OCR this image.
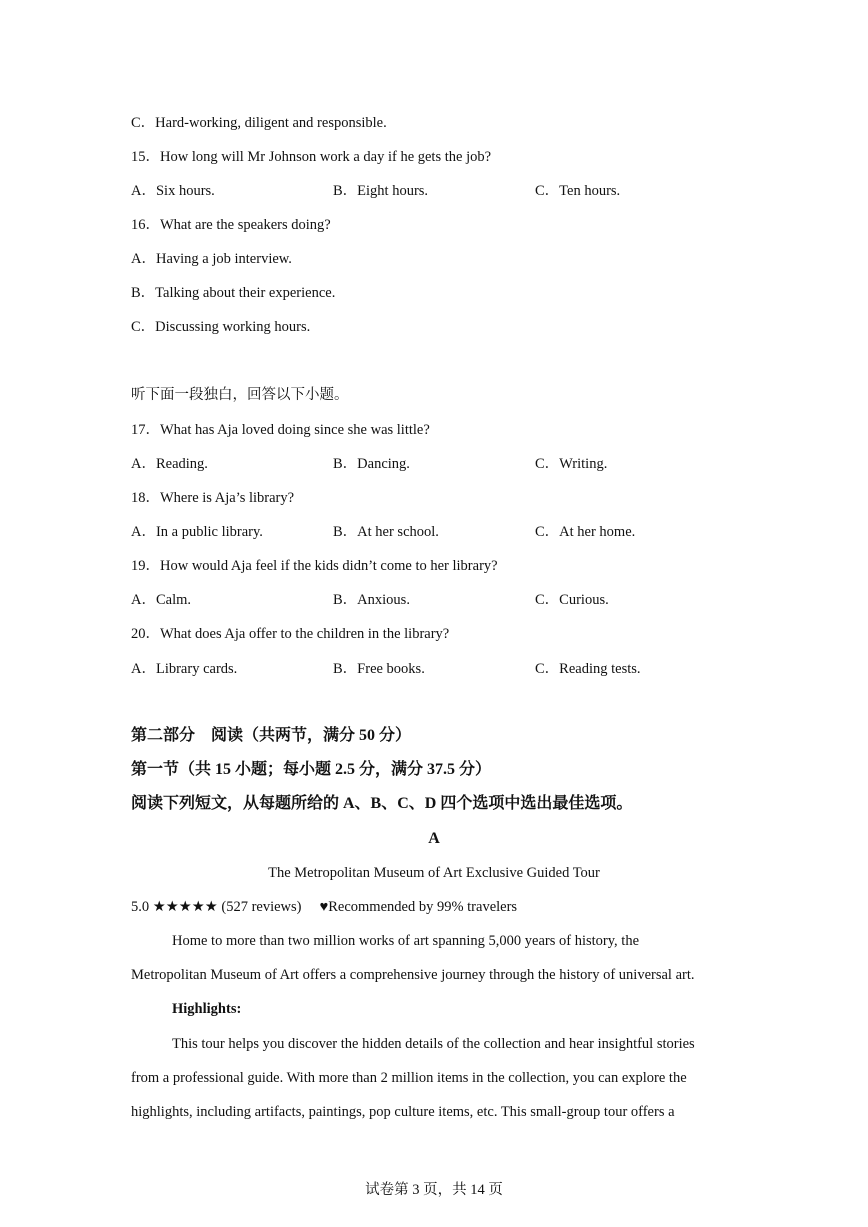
C．Hard-working, diligent and responsible.
15．How long will Mr Johnson work a day if he gets the job?
A．Six hours.	B．Eight hours.	C．Ten hours.
16．What are the speakers doing?
A．Having a job interview.
B．Talking about their experience.
C．Discussing working hours.
听下面一段独白，回答以下小题。
17．What has Aja loved doing since she was little?
A．Reading.	B．Dancing.	C．Writing.
18．Where is Aja’s library?
A．In a public library.	B．At her school.	C．At her home.
19．How would Aja feel if the kids didn’t come to her library?
A．Calm.	B．Anxious.	C．Curious.
20．What does Aja offer to the children in the library?
A．Library cards.	B．Free books.	C．Reading tests.
第二部分　阅读（共两节，满分 50 分）
第一节（共 15 小题；每小题 2.5 分，满分 37.5 分）
阅读下列短文，从每题所给的 A、B、C、D 四个选项中选出最佳选项。
A
The Metropolitan Museum of Art Exclusive Guided Tour
5.0 ★★★★★ (527 reviews)　 ♥Recommended by 99% travelers
Home to more than two million works of art spanning 5,000 years of history, the
Metropolitan Museum of Art offers a comprehensive journey through the history of universal art.
Highlights:
This tour helps you discover the hidden details of the collection and hear insightful stories
from a professional guide. With more than 2 million items in the collection, you can explore the
highlights, including artifacts, paintings, pop culture items, etc. This small-group tour offers a
试卷第 3 页，共 14 页
